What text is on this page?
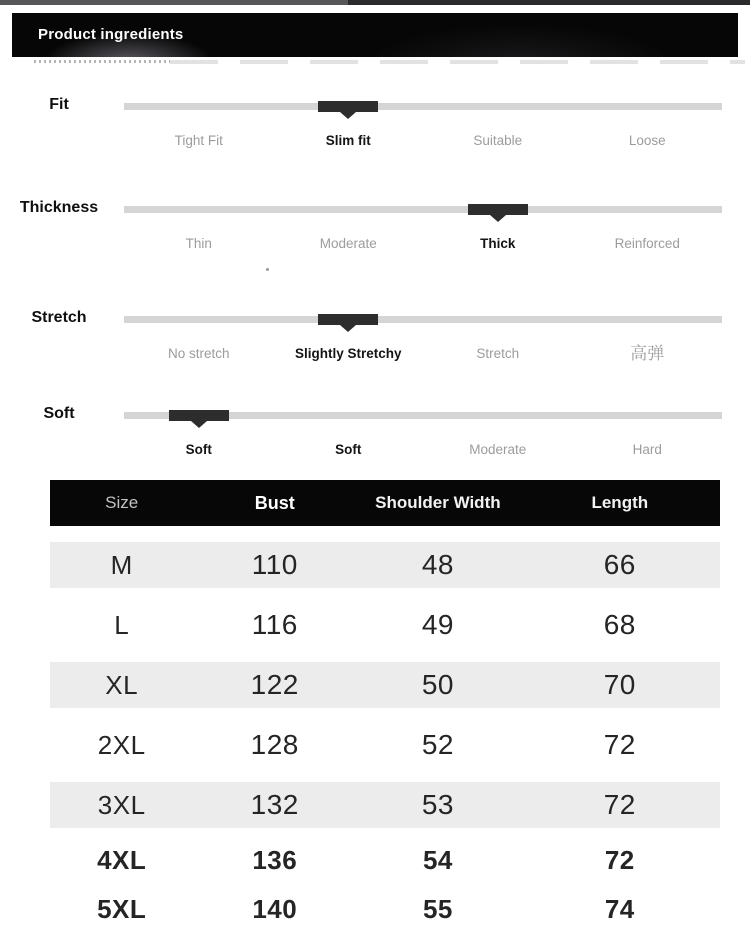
Product ingredients
Fit
Tight Fit	Slim fit	Suitable	Loose
Thickness
Thin	Moderate	Thick	Reinforced
Stretch
No stretch	Slightly Stretchy	Stretch	高弹
Soft
Soft	Soft	Moderate	Hard
Size	Bust	Shoulder Width	Length
M	110	48	66
L	116	49	68
XL	122	50	70
2XL	128	52	72
3XL	132	53	72
4XL	136	54	72
5XL	140	55	74
